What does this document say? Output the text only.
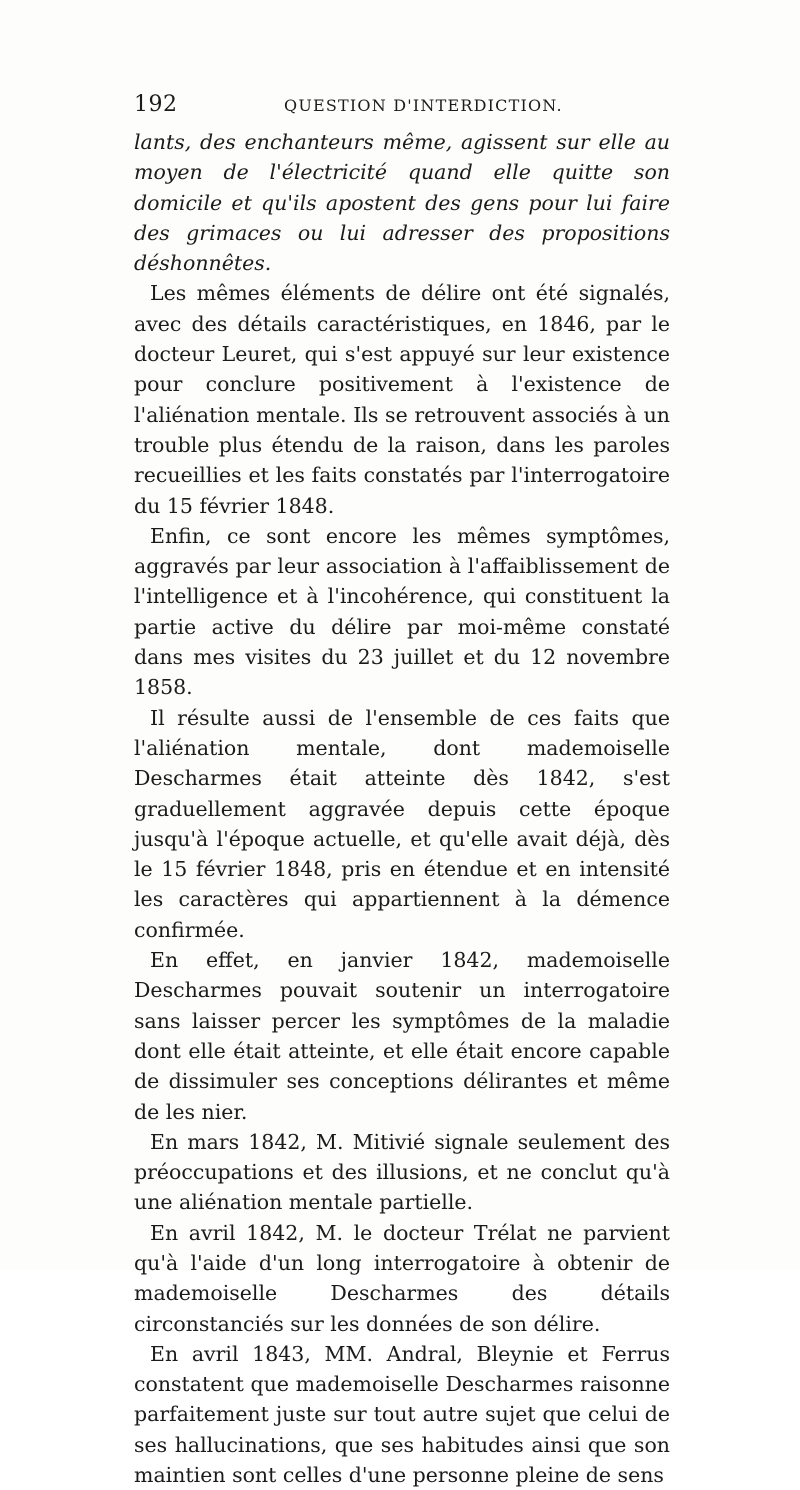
192	QUESTION D'INTERDICTION.

lants, des enchanteurs même, agissent sur elle au moyen de l'électricité quand elle quitte son domicile et qu'ils apostent des gens pour lui faire des grimaces ou lui adresser des propositions déshonnêtes.

Les mêmes éléments de délire ont été signalés, avec des détails caractéristiques, en 1846, par le docteur Leuret, qui s'est appuyé sur leur existence pour conclure positivement à l'existence de l'aliénation mentale. Ils se retrouvent associés à un trouble plus étendu de la raison, dans les paroles recueillies et les faits constatés par l'interrogatoire du 15 février 1848.

Enfin, ce sont encore les mêmes symptômes, aggravés par leur association à l'affaiblissement de l'intelligence et à l'incohérence, qui constituent la partie active du délire par moi-même constaté dans mes visites du 23 juillet et du 12 novembre 1858.

Il résulte aussi de l'ensemble de ces faits que l'aliénation mentale, dont mademoiselle Descharmes était atteinte dès 1842, s'est graduellement aggravée depuis cette époque jusqu'à l'époque actuelle, et qu'elle avait déjà, dès le 15 février 1848, pris en étendue et en intensité les caractères qui appartiennent à la démence confirmée.

En effet, en janvier 1842, mademoiselle Descharmes pouvait soutenir un interrogatoire sans laisser percer les symptômes de la maladie dont elle était atteinte, et elle était encore capable de dissimuler ses conceptions délirantes et même de les nier.

En mars 1842, M. Mitivié signale seulement des préoccupations et des illusions, et ne conclut qu'à une aliénation mentale partielle.

En avril 1842, M. le docteur Trélat ne parvient qu'à l'aide d'un long interrogatoire à obtenir de mademoiselle Descharmes des détails circonstanciés sur les données de son délire.

En avril 1843, MM. Andral, Bleynie et Ferrus constatent que mademoiselle Descharmes raisonne parfaitement juste sur tout autre sujet que celui de ses hallucinations, que ses habitudes ainsi que son maintien sont celles d'une personne pleine de sens
